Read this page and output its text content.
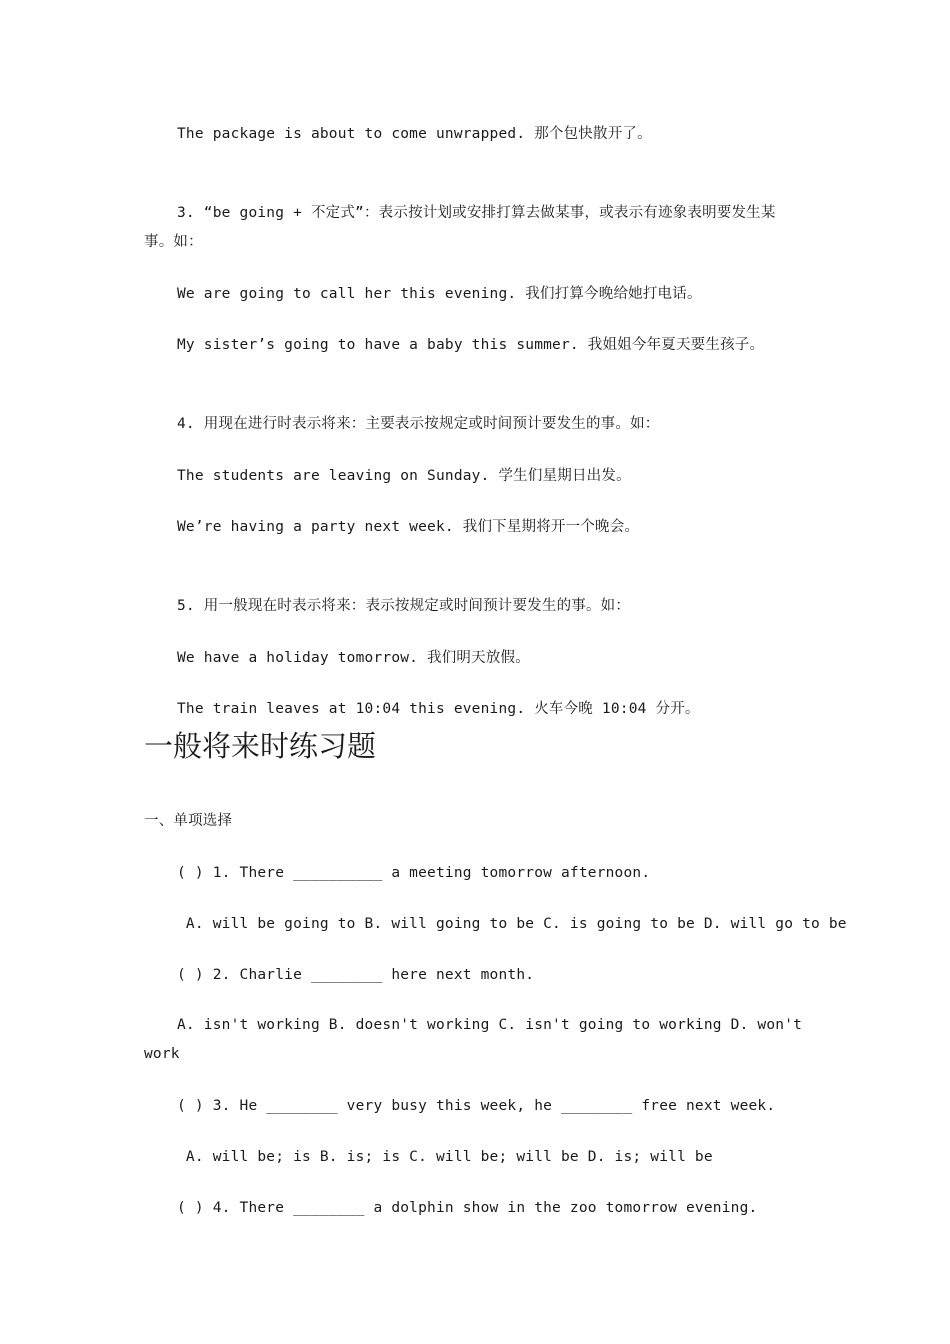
The package is about to come unwrapped. 那个包快散开了。
3. “be going + 不定式”：表示按计划或安排打算去做某事，或表示有迹象表明要发生某事。如：
We are going to call her this evening. 我们打算今晚给她打电话。
My sister’s going to have a baby this summer. 我姐姐今年夏天要生孩子。
4. 用现在进行时表示将来：主要表示按规定或时间预计要发生的事。如：
The students are leaving on Sunday. 学生们星期日出发。
We’re having a party next week. 我们下星期将开一个晚会。
5. 用一般现在时表示将来：表示按规定或时间预计要发生的事。如：
We have a holiday tomorrow. 我们明天放假。
The train leaves at 10:04 this evening. 火车今晚 10:04 分开。
一般将来时练习题
一、单项选择
( ) 1. There __________ a meeting tomorrow afternoon.
A. will be going to B. will going to be C. is going to be D. will go to be
( ) 2. Charlie ________ here next month.
A. isn't working B. doesn't working C. isn't going to working D. won't work
( ) 3. He ________ very busy this week, he ________ free next week.
A. will be; is B. is; is C. will be; will be D. is; will be
( ) 4. There ________ a dolphin show in the zoo tomorrow evening.
